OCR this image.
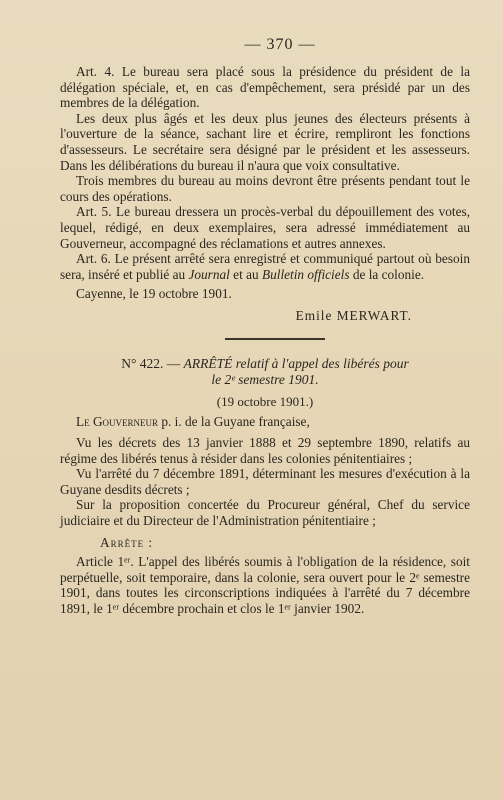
— 370 —

Art. 4. Le bureau sera placé sous la présidence du président de la délégation spéciale, et, en cas d'empêchement, sera présidé par un des membres de la délégation.

Les deux plus âgés et les deux plus jeunes des électeurs présents à l'ouverture de la séance, sachant lire et écrire, rempliront les fonctions d'assesseurs. Le secrétaire sera désigné par le président et les assesseurs. Dans les délibérations du bureau il n'aura que voix consultative.

Trois membres du bureau au moins devront être présents pendant tout le cours des opérations.

Art. 5. Le bureau dressera un procès-verbal du dépouillement des votes, lequel, rédigé, en deux exemplaires, sera adressé immédiatement au Gouverneur, accompagné des réclamations et autres annexes.

Art. 6. Le présent arrêté sera enregistré et communiqué partout où besoin sera, inséré et publié au Journal et au Bulletin officiels de la colonie.

Cayenne, le 19 octobre 1901.

Emile MERWART.

N° 422. — ARRÊTÉ relatif à l'appel des libérés pour
le 2ᵉ semestre 1901.
(19 octobre 1901.)

Le Gouverneur p. i. de la Guyane française,

Vu les décrets des 13 janvier 1888 et 29 septembre 1890, relatifs au régime des libérés tenus à résider dans les colonies pénitentiaires ;

Vu l'arrêté du 7 décembre 1891, déterminant les mesures d'exécution à la Guyane desdits décrets ;

Sur la proposition concertée du Procureur général, Chef du service judiciaire et du Directeur de l'Administration pénitentiaire ;

Arrête :

Article 1ᵉʳ. L'appel des libérés soumis à l'obligation de la résidence, soit perpétuelle, soit temporaire, dans la colonie, sera ouvert pour le 2ᵉ semestre 1901, dans toutes les circonscriptions indiquées à l'arrêté du 7 décembre 1891, le 1ᵉʳ décembre prochain et clos le 1ᵉʳ janvier 1902.
